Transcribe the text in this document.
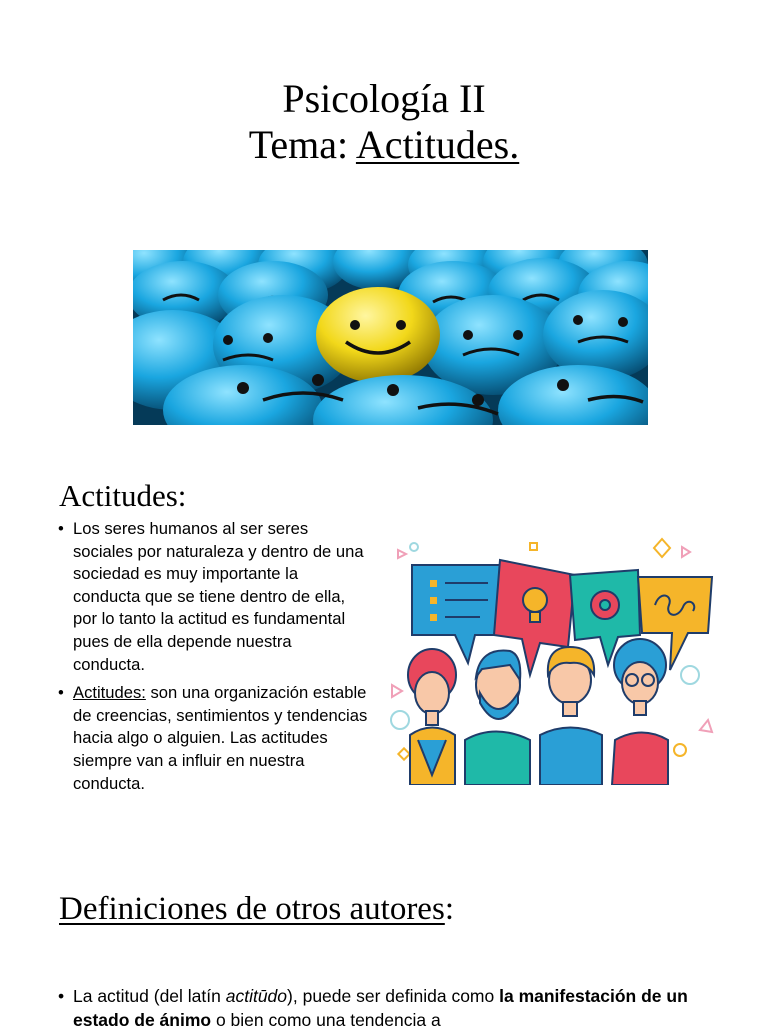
Psicología II
Tema: Actitudes.
Actitudes:
• Los seres humanos al ser seres sociales por naturaleza y dentro de una sociedad es muy importante la conducta que se tiene dentro de ella, por lo tanto la actitud es fundamental pues de ella depende nuestra conducta.
• Actitudes: son una organización estable de creencias, sentimientos y tendencias hacia algo o alguien. Las actitudes siempre van a influir en nuestra conducta.
Definiciones de otros autores:
• La actitud (del latín actitūdo), puede ser definida como la manifestación de un estado de ánimo o bien como una tendencia a
